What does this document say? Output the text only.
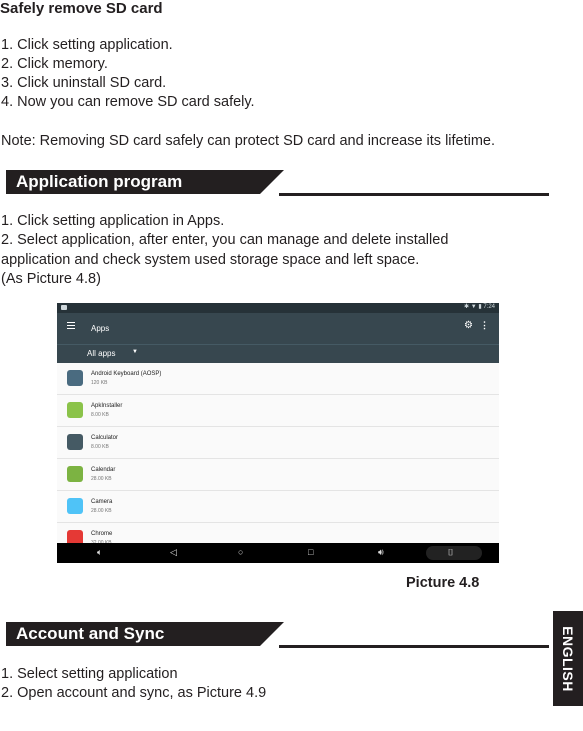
Safely remove SD card
1. Click setting application.
2. Click memory.
3. Click uninstall SD card.
4. Now you can remove SD card safely.
Note: Removing SD card safely can protect SD card and increase its lifetime.
Application program
1. Click setting application in Apps.
2. Select application, after enter, you can manage and delete installed
application and check system used storage space and left space.
(As Picture 4.8)
✱ ▼ ▮ 7:24
Apps	⚙ ⋮
All apps	▼
Android Keyboard (AOSP)
120 KB
ApkInstaller
8.00 KB
Calculator
8.00 KB
Calendar
28.00 KB
Camera
28.00 KB
Chrome
🔈︎	◁	○	□	🔊︎	⌷
Picture 4.8
Account and Sync
1. Select setting application
2. Open account and sync, as Picture 4.9
ENGLISH
